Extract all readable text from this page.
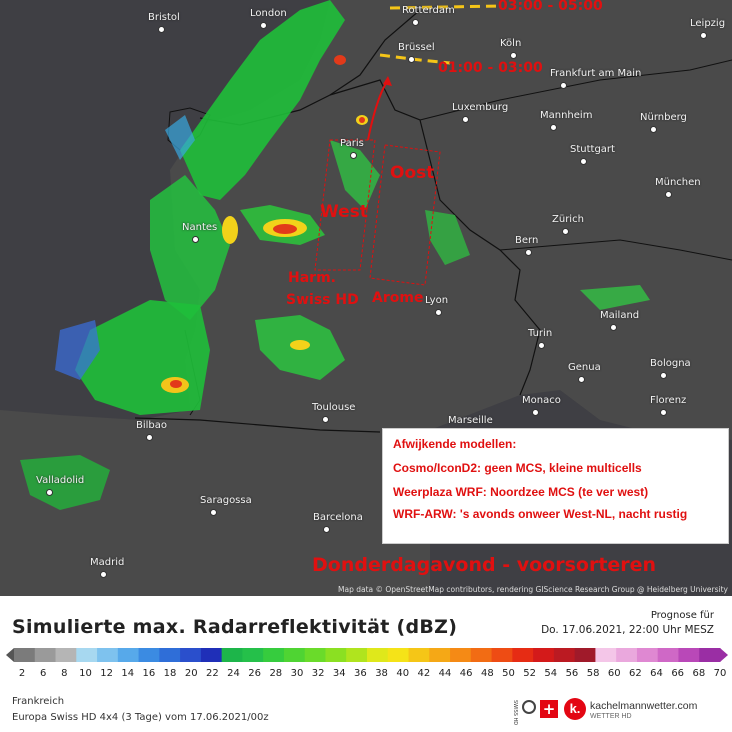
Bristol	London	Rotterdam
Brüssel	Köln
Leipzig
Frankfurt am Main
Luxemburg
Mannheim	Nürnberg
Paris
Stuttgart
München
Nantes
Zürich
Bern
Lyon
Mailand
Turin
Genua	Bologna
Florenz
Toulouse
Monaco
Marseille
Bilbao
Valladolid
Saragossa
Barcelona
Madrid
03:00 - 05:00
01:00 - 03:00
Oost
West
Harm.
Swiss HD Arome
Donderdagavond - voorsorteren
Afwijkende modellen:
Cosmo/IconD2: geen MCS, kleine multicells
Weerplaza WRF: Noordzee MCS (te ver west)
WRF-ARW: 's avonds onweer West-NL, nacht rustig
Map data © OpenStreetMap contributors, rendering GIScience Research Group @ Heidelberg University
Simulierte max. Radarreflektivität (dBZ)
Prognose für
Do. 17.06.2021, 22:00 Uhr MESZ
2 6 8 10 12 14 16 18 20 22 24 26 28 30 32 34 36 38 40 42 44 46 48 50 52 54 56 58 60 62 64 66 68 70
Frankreich
Europa Swiss HD 4x4 (3 Tage) vom 17.06.2021/00z	SWISS HD +	k. kachelmannwetter.com
WETTER HD
